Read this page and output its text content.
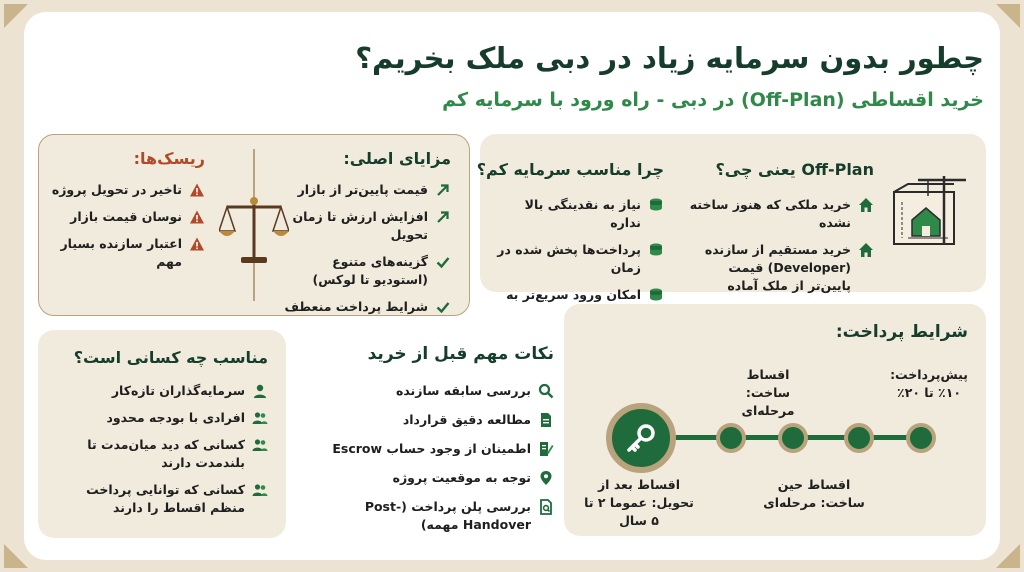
چطور بدون سرمایه زیاد در دبی ملک بخریم؟
خرید اقساطی (Off-Plan) در دبی - راه ورود با سرمایه کم
Off-Plan یعنی چی؟
خرید ملکی که هنوز ساخته نشده
خرید مستقیم از سازنده (Developer) قیمت پایین‌تر از ملک آماده
چرا مناسب سرمایه کم؟
نیاز به نقدینگی بالا نداره
پرداخت‌ها پخش شده در زمان
امکان ورود سریع‌تر به
مزایای اصلی:
قیمت پایین‌تر از بازار
افزایش ارزش تا زمان تحویل
گزینه‌های متنوع (استودیو تا لوکس)
شرایط پرداخت منعطف
ریسک‌ها:
تاخیر در تحویل پروژه
نوسان قیمت بازار
اعتبار سازنده بسیار مهم
شرایط پرداخت:
پیش‌پرداخت: ۱۰٪ تا ۲۰٪
اقساط ساخت: مرحله‌ای
اقساط حین ساخت: مرحله‌ای
اقساط بعد از تحویل: عموما ۲ تا ۵ سال
نکات مهم قبل از خرید
بررسی سابقه سازنده
مطالعه دقیق قرارداد
اطمینان از وجود حساب Escrow
توجه به موقعیت پروژه
بررسی پلن پرداخت (Post-Handover مهمه)
مناسب چه کسانی است؟
سرمایه‌گذاران تازه‌کار
افرادی با بودجه محدود
کسانی که دید میان‌مدت تا بلندمدت دارند
کسانی که توانایی پرداخت منظم اقساط را دارند
